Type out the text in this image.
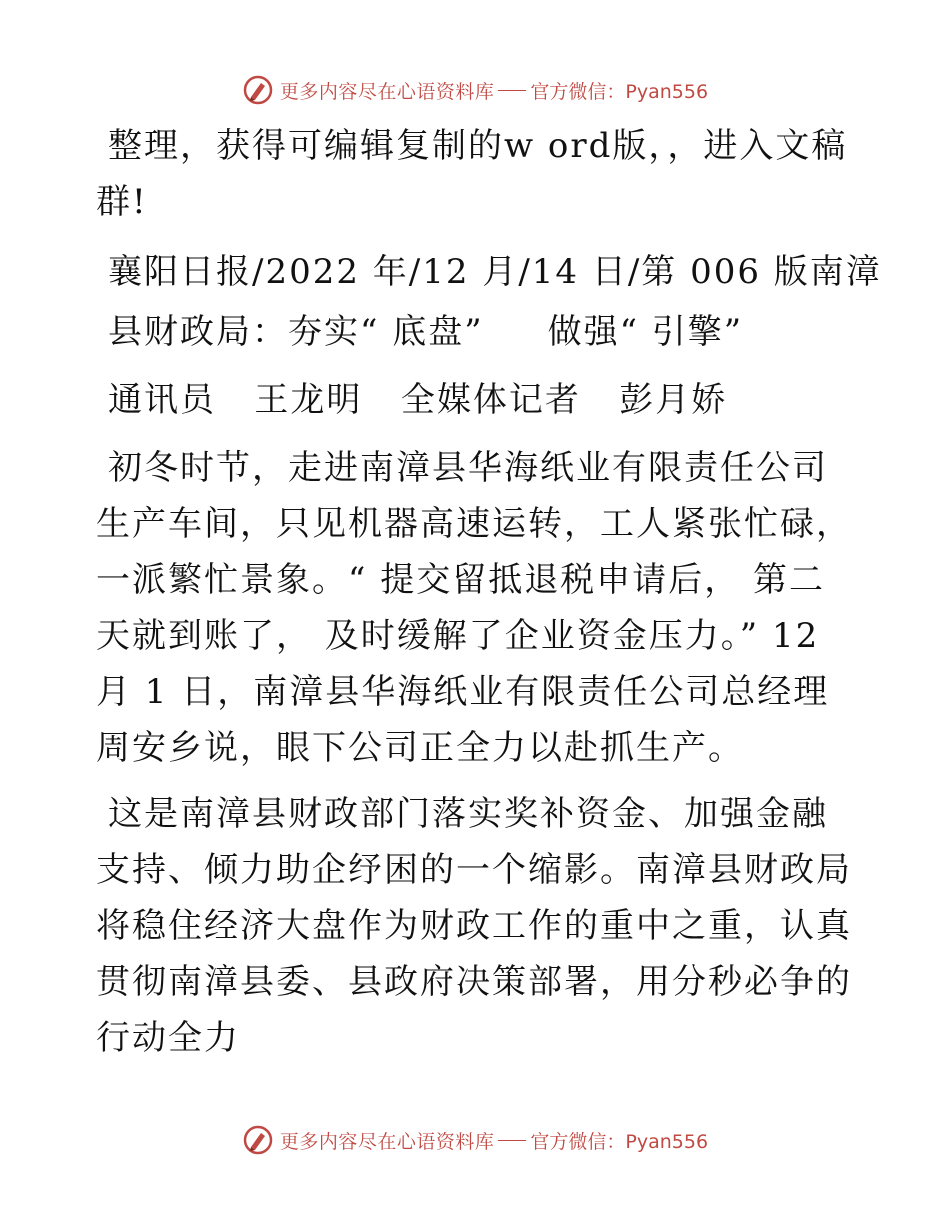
更多内容尽在心语资料库 官方微信：Pyan556

整理，获得可编辑复制的w ord版，，进入文稿群!

襄阳日报/2022 年/12 月/14 日/第 006 版南漳

县财政局：夯实“ 底盘”     做强“ 引擎”

通讯员   王龙明   全媒体记者   彭月娇

初冬时节，走进南漳县华海纸业有限责任公司生产车间，只见机器高速运转，工人紧张忙碌，一派繁忙景象。“ 提交留抵退税申请后， 第二天就到账了， 及时缓解了企业资金压力。” 12 月 1 日，南漳县华海纸业有限责任公司总经理周安乡说，眼下公司正全力以赴抓生产。

这是南漳县财政部门落实奖补资金、加强金融支持、倾力助企纾困的一个缩影。南漳县财政局将稳住经济大盘作为财政工作的重中之重，认真贯彻南漳县委、县政府决策部署，用分秒必争的行动全力

更多内容尽在心语资料库 官方微信：Pyan556
